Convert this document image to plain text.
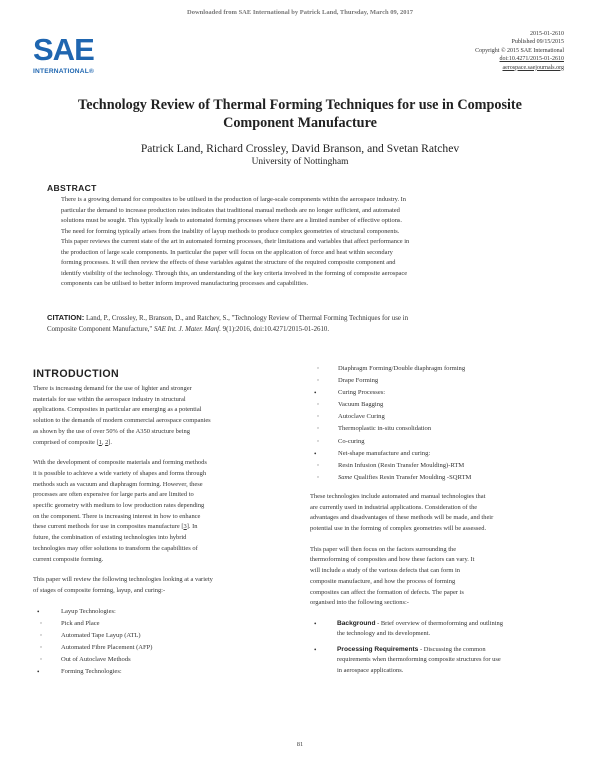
Downloaded from SAE International by Patrick Land, Thursday, March 09, 2017
SAE
INTERNATIONAL®
2015-01-2610
Published 09/15/2015
Copyright © 2015 SAE International
doi:10.4271/2015-01-2610
aerospace.saejournals.org
Technology Review of Thermal Forming Techniques for use in Composite
Component Manufacture
Patrick Land, Richard Crossley, David Branson, and Svetan Ratchev
University of Nottingham
ABSTRACT
There is a growing demand for composites to be utilised in the production of large-scale components within the aerospace industry. In
particular the demand to increase production rates indicates that traditional manual methods are no longer sufficient, and automated
solutions must be sought. This typically leads to automated forming processes where there are a limited number of effective options.
The need for forming typically arises from the inability of layup methods to produce complex geometries of structural components.
This paper reviews the current state of the art in automated forming processes, their limitations and variables that affect performance in
the production of large scale components. In particular the paper will focus on the application of force and heat within secondary
forming processes. It will then review the effects of these variables against the structure of the required composite component and
identify visibility of the technology. Through this, an understanding of the key criteria involved in the forming of composite aerospace
components can be utilised to better inform improved manufacturing processes and capabilities.
CITATION: Land, P., Crossley, R., Branson, D., and Ratchev, S., "Technology Review of Thermal Forming Techniques for use in
Composite Component Manufacture," SAE Int. J. Mater. Manf. 9(1):2016, doi:10.4271/2015-01-2610.
INTRODUCTION
There is increasing demand for the use of lighter and stronger
materials for use within the aerospace industry in structural
applications. Composites in particular are emerging as a potential
solution to the demands of modern commercial aerospace companies
as shown by the use of over 50% of the A350 structure being
comprised of composite [1, 2].
With the development of composite materials and forming methods
it is possible to achieve a wide variety of shapes and forms through
methods such as vacuum and diaphragm forming. However, these
processes are often expensive for large parts and are limited to
specific geometry with medium to low production rates depending
on the component. There is increasing interest in how to enhance
these current methods for use in composites manufacture [3]. In
future, the combination of existing technologies into hybrid
technologies may offer solutions to transform the capabilities of
current composite forming.
This paper will review the following technologies looking at a variety
of stages of composite forming, layup, and curing:-
• Layup Technologies:
◦ Pick and Place
◦ Automated Tape Layup (ATL)
◦ Automated Fibre Placement (AFP)
◦ Out of Autoclave Methods
• Forming Technologies:
◦ Diaphragm Forming/Double diaphragm forming
◦ Drape Forming
• Curing Processes:
◦ Vacuum Bagging
◦ Autoclave Curing
◦ Thermoplastic in-situ consolidation
◦ Co-curing
• Net-shape manufacture and curing:
◦ Resin Infusion (Resin Transfer Moulding)-RTM
◦ Same Qualifies Resin Transfer Moulding -SQRTM
These technologies include automated and manual technologies that
are currently used in industrial applications. Consideration of the
advantages and disadvantages of these methods will be made, and their
potential use in the forming of complex geometries will be assessed.
This paper will then focus on the factors surrounding the
thermoforming of composites and how these factors can vary. It
will include a study of the various defects that can form in
composite manufacture, and how the process of forming
composites can affect the formation of defects. The paper is
organised into the following sections:-
• Background - Brief overview of thermoforming and outlining
the technology and its development.
• Processing Requirements - Discussing the common
requirements when thermoforming composite structures for use
in aerospace applications.
81
